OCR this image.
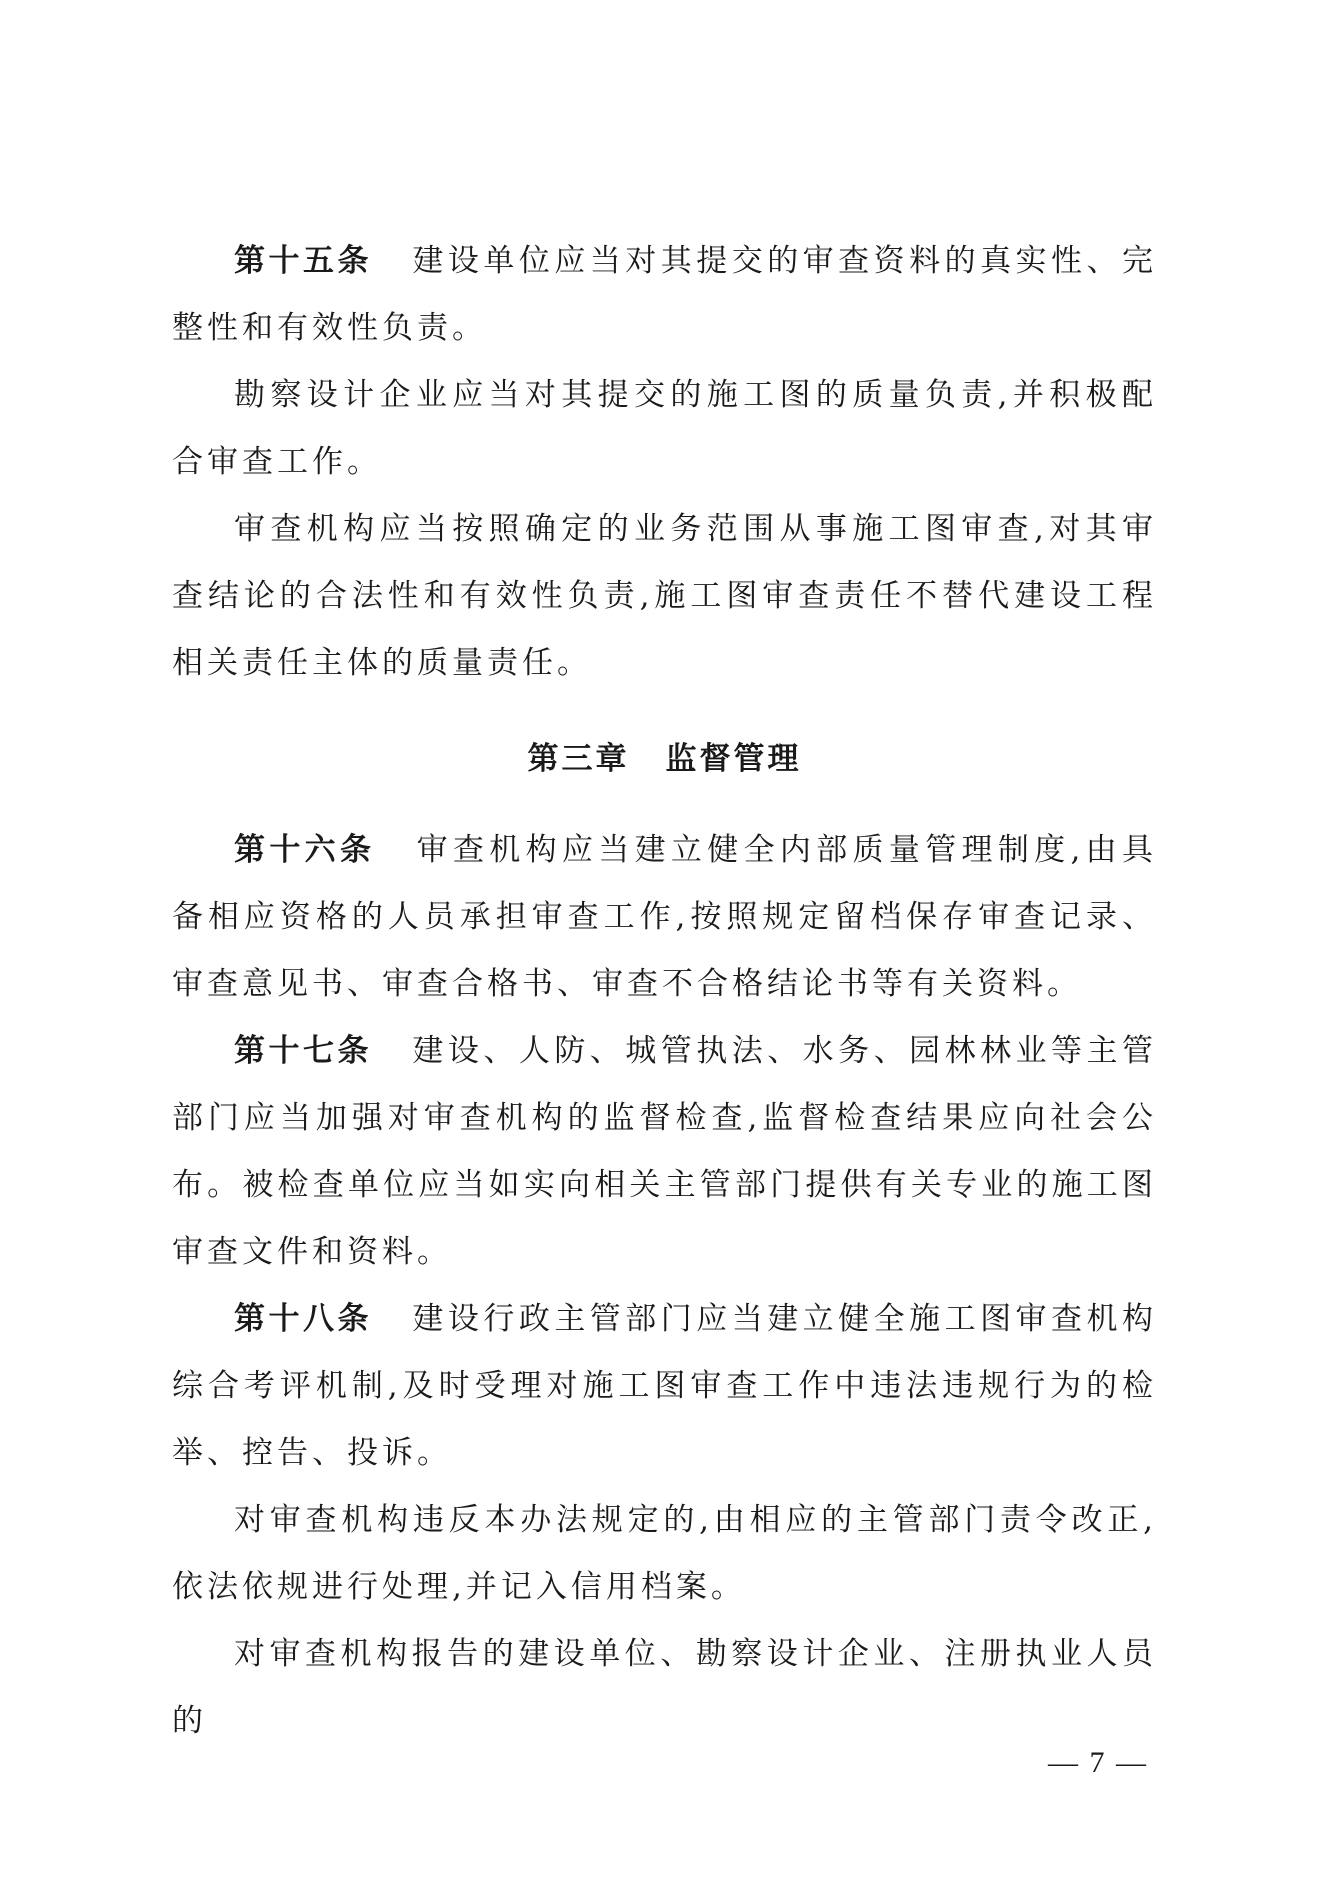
第十五条 建设单位应当对其提交的审查资料的真实性、完整性和有效性负责。

勘察设计企业应当对其提交的施工图的质量负责,并积极配合审查工作。

审查机构应当按照确定的业务范围从事施工图审查,对其审查结论的合法性和有效性负责,施工图审查责任不替代建设工程相关责任主体的质量责任。

第三章 监督管理

第十六条 审查机构应当建立健全内部质量管理制度,由具备相应资格的人员承担审查工作,按照规定留档保存审查记录、审查意见书、审查合格书、审查不合格结论书等有关资料。

第十七条 建设、人防、城管执法、水务、园林林业等主管部门应当加强对审查机构的监督检查,监督检查结果应向社会公布。被检查单位应当如实向相关主管部门提供有关专业的施工图审查文件和资料。

第十八条 建设行政主管部门应当建立健全施工图审查机构综合考评机制,及时受理对施工图审查工作中违法违规行为的检举、控告、投诉。

对审查机构违反本办法规定的,由相应的主管部门责令改正,依法依规进行处理,并记入信用档案。

对审查机构报告的建设单位、勘察设计企业、注册执业人员的

— 7 —
